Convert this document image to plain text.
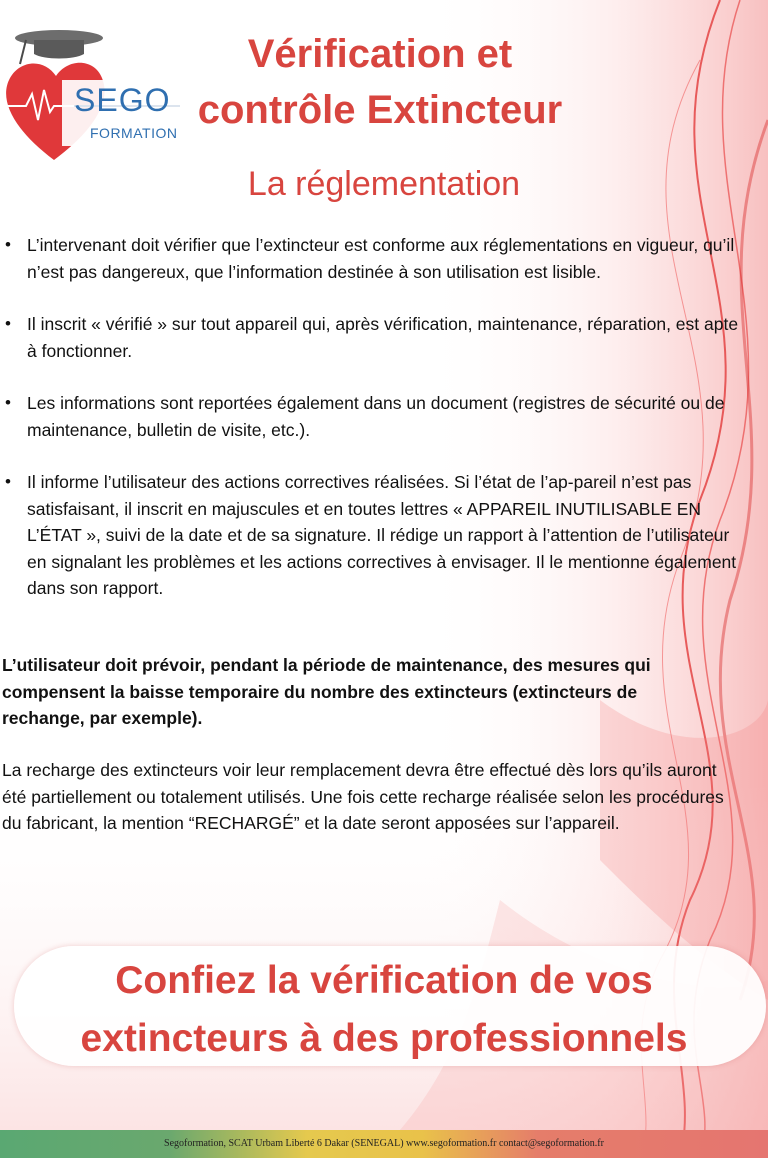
SEGO
FORMATION
Vérification et
contrôle Extincteur
La réglementation
• L’intervenant doit vérifier que l’extincteur est conforme aux réglementations en vigueur, qu’il n’est pas dangereux, que l’information destinée à son utilisation est lisible.
• Il inscrit « vérifié » sur tout appareil qui, après vérification, maintenance, réparation, est apte à fonctionner.
• Les informations sont reportées également dans un document (registres de sécurité ou de maintenance, bulletin de visite, etc.).
• Il informe l’utilisateur des actions correctives réalisées. Si l’état de l’ap-pareil n’est pas satisfaisant, il inscrit en majuscules et en toutes lettres « APPAREIL INUTILISABLE EN L’ÉTAT », suivi de la date et de sa signature. Il rédige un rapport à l’attention de l’utilisateur en signalant les problèmes et les actions correctives à envisager. Il le mentionne également dans son rapport.
L’utilisateur doit prévoir, pendant la période de maintenance, des mesures qui compensent la baisse temporaire du nombre des extincteurs (extincteurs de rechange, par exemple).
La recharge des extincteurs voir leur remplacement devra être effectué dès lors qu’ils auront été partiellement ou totalement utilisés. Une fois cette recharge réalisée selon les procédures du fabricant, la mention “RECHARGÉ” et la date seront apposées sur l’appareil.
Confiez la vérification de vos
extincteurs à des professionnels
Segoformation, SCAT Urbam Liberté 6 Dakar (SENEGAL) www.segoformation.fr contact@segoformation.fr
